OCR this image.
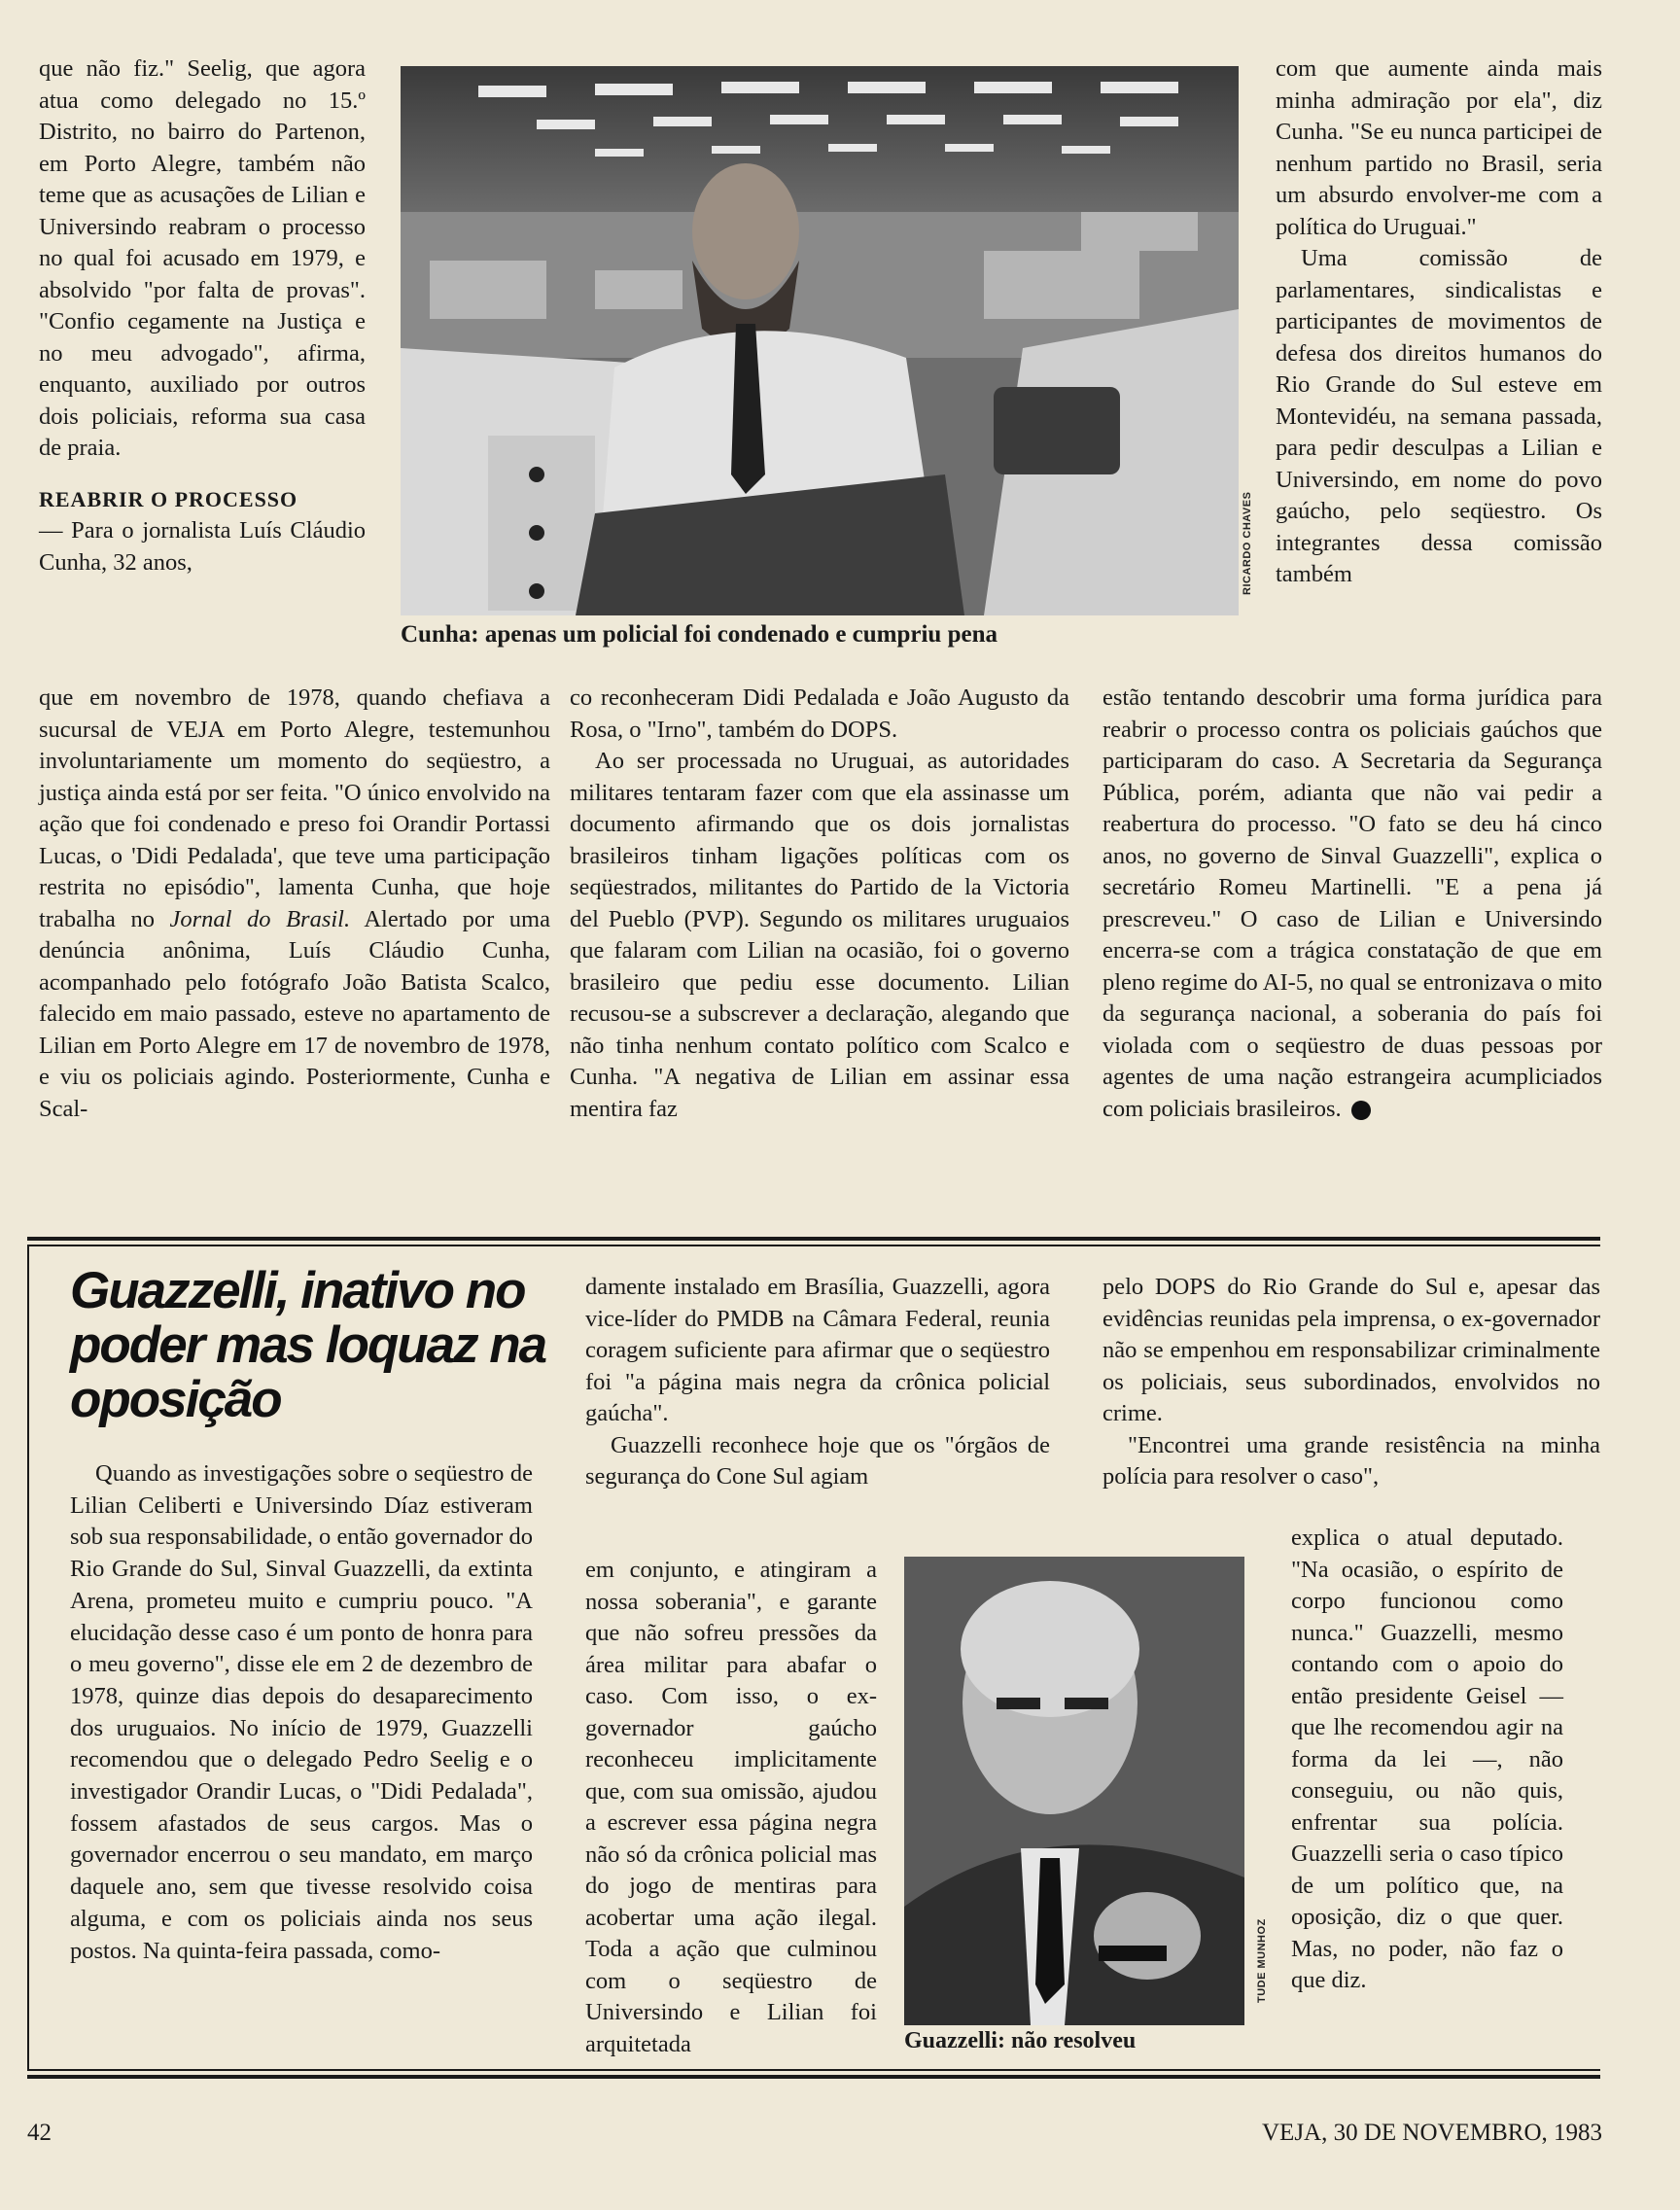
RICARDO CHAVES
Cunha: apenas um policial foi condenado e cumpriu pena

que não fiz." Seelig, que agora atua como delegado no 15.º Distrito, no bairro do Partenon, em Porto Alegre, também não teme que as acusações de Lilian e Universindo reabram o processo no qual foi acusado em 1979, e absolvido "por falta de provas". "Confio cegamente na Justiça e no meu advogado", afirma, enquanto, auxiliado por outros dois policiais, reforma sua casa de praia.

REABRIR O PROCESSO

— Para o jornalista Luís Cláudio Cunha, 32 anos,

que em novembro de 1978, quando chefiava a sucursal de VEJA em Porto Alegre, testemunhou involuntariamente um momento do seqüestro, a justiça ainda está por ser feita. "O único envolvido na ação que foi condenado e preso foi Orandir Portassi Lucas, o 'Didi Pedalada', que teve uma participação restrita no episódio", lamenta Cunha, que hoje trabalha no Jornal do Brasil. Alertado por uma denúncia anônima, Luís Cláudio Cunha, acompanhado pelo fotógrafo João Batista Scalco, falecido em maio passado, esteve no apartamento de Lilian em Porto Alegre em 17 de novembro de 1978, e viu os policiais agindo. Posteriormente, Cunha e Scal-

co reconheceram Didi Pedalada e João Augusto da Rosa, o "Irno", também do DOPS.

Ao ser processada no Uruguai, as autoridades militares tentaram fazer com que ela assinasse um documento afirmando que os dois jornalistas brasileiros tinham ligações políticas com os seqüestrados, militantes do Partido de la Victoria del Pueblo (PVP). Segundo os militares uruguaios que falaram com Lilian na ocasião, foi o governo brasileiro que pediu esse documento. Lilian recusou-se a subscrever a declaração, alegando que não tinha nenhum contato político com Scalco e Cunha. "A negativa de Lilian em assinar essa mentira faz

com que aumente ainda mais minha admiração por ela", diz Cunha. "Se eu nunca participei de nenhum partido no Brasil, seria um absurdo envolver-me com a política do Uruguai."

Uma comissão de parlamentares, sindicalistas e participantes de movimentos de defesa dos direitos humanos do Rio Grande do Sul esteve em Montevidéu, na semana passada, para pedir desculpas a Lilian e Universindo, em nome do povo gaúcho, pelo seqüestro. Os integrantes dessa comissão também

estão tentando descobrir uma forma jurídica para reabrir o processo contra os policiais gaúchos que participaram do caso. A Secretaria da Segurança Pública, porém, adianta que não vai pedir a reabertura do processo. "O fato se deu há cinco anos, no governo de Sinval Guazzelli", explica o secretário Romeu Martinelli. "E a pena já prescreveu." O caso de Lilian e Universindo encerra-se com a trágica constatação de que em pleno regime do AI-5, no qual se entronizava o mito da segurança nacional, a soberania do país foi violada com o seqüestro de duas pessoas por agentes de uma nação estrangeira acumpliciados com policiais brasileiros.

Guazzelli, inativo no poder mas loquaz na oposição

Quando as investigações sobre o seqüestro de Lilian Celiberti e Universindo Díaz estiveram sob sua responsabilidade, o então governador do Rio Grande do Sul, Sinval Guazzelli, da extinta Arena, prometeu muito e cumpriu pouco. "A elucidação desse caso é um ponto de honra para o meu governo", disse ele em 2 de dezembro de 1978, quinze dias depois do desaparecimento dos uruguaios. No início de 1979, Guazzelli recomendou que o delegado Pedro Seelig e o investigador Orandir Lucas, o "Didi Pedalada", fossem afastados de seus cargos. Mas o governador encerrou o seu mandato, em março daquele ano, sem que tivesse resolvido coisa alguma, e com os policiais ainda nos seus postos. Na quinta-feira passada, como-

damente instalado em Brasília, Guazzelli, agora vice-líder do PMDB na Câmara Federal, reunia coragem suficiente para afirmar que o seqüestro foi "a página mais negra da crônica policial gaúcha".

Guazzelli reconhece hoje que os "órgãos de segurança do Cone Sul agiam

em conjunto, e atingiram a nossa soberania", e garante que não sofreu pressões da área militar para abafar o caso. Com isso, o ex-governador gaúcho reconheceu implicitamente que, com sua omissão, ajudou a escrever essa página negra não só da crônica policial mas do jogo de mentiras para acobertar uma ação ilegal. Toda a ação que culminou com o seqüestro de Universindo e Lilian foi arquitetada

TUDE MUNHOZ
Guazzelli: não resolveu

pelo DOPS do Rio Grande do Sul e, apesar das evidências reunidas pela imprensa, o ex-governador não se empenhou em responsabilizar criminalmente os policiais, seus subordinados, envolvidos no crime.

"Encontrei uma grande resistência na minha polícia para resolver o caso",

explica o atual deputado. "Na ocasião, o espírito de corpo funcionou como nunca." Guazzelli, mesmo contando com o apoio do então presidente Geisel — que lhe recomendou agir na forma da lei —, não conseguiu, ou não quis, enfrentar sua polícia. Guazzelli seria o caso típico de um político que, na oposição, diz o que quer. Mas, no poder, não faz o que diz.

42	VEJA, 30 DE NOVEMBRO, 1983
